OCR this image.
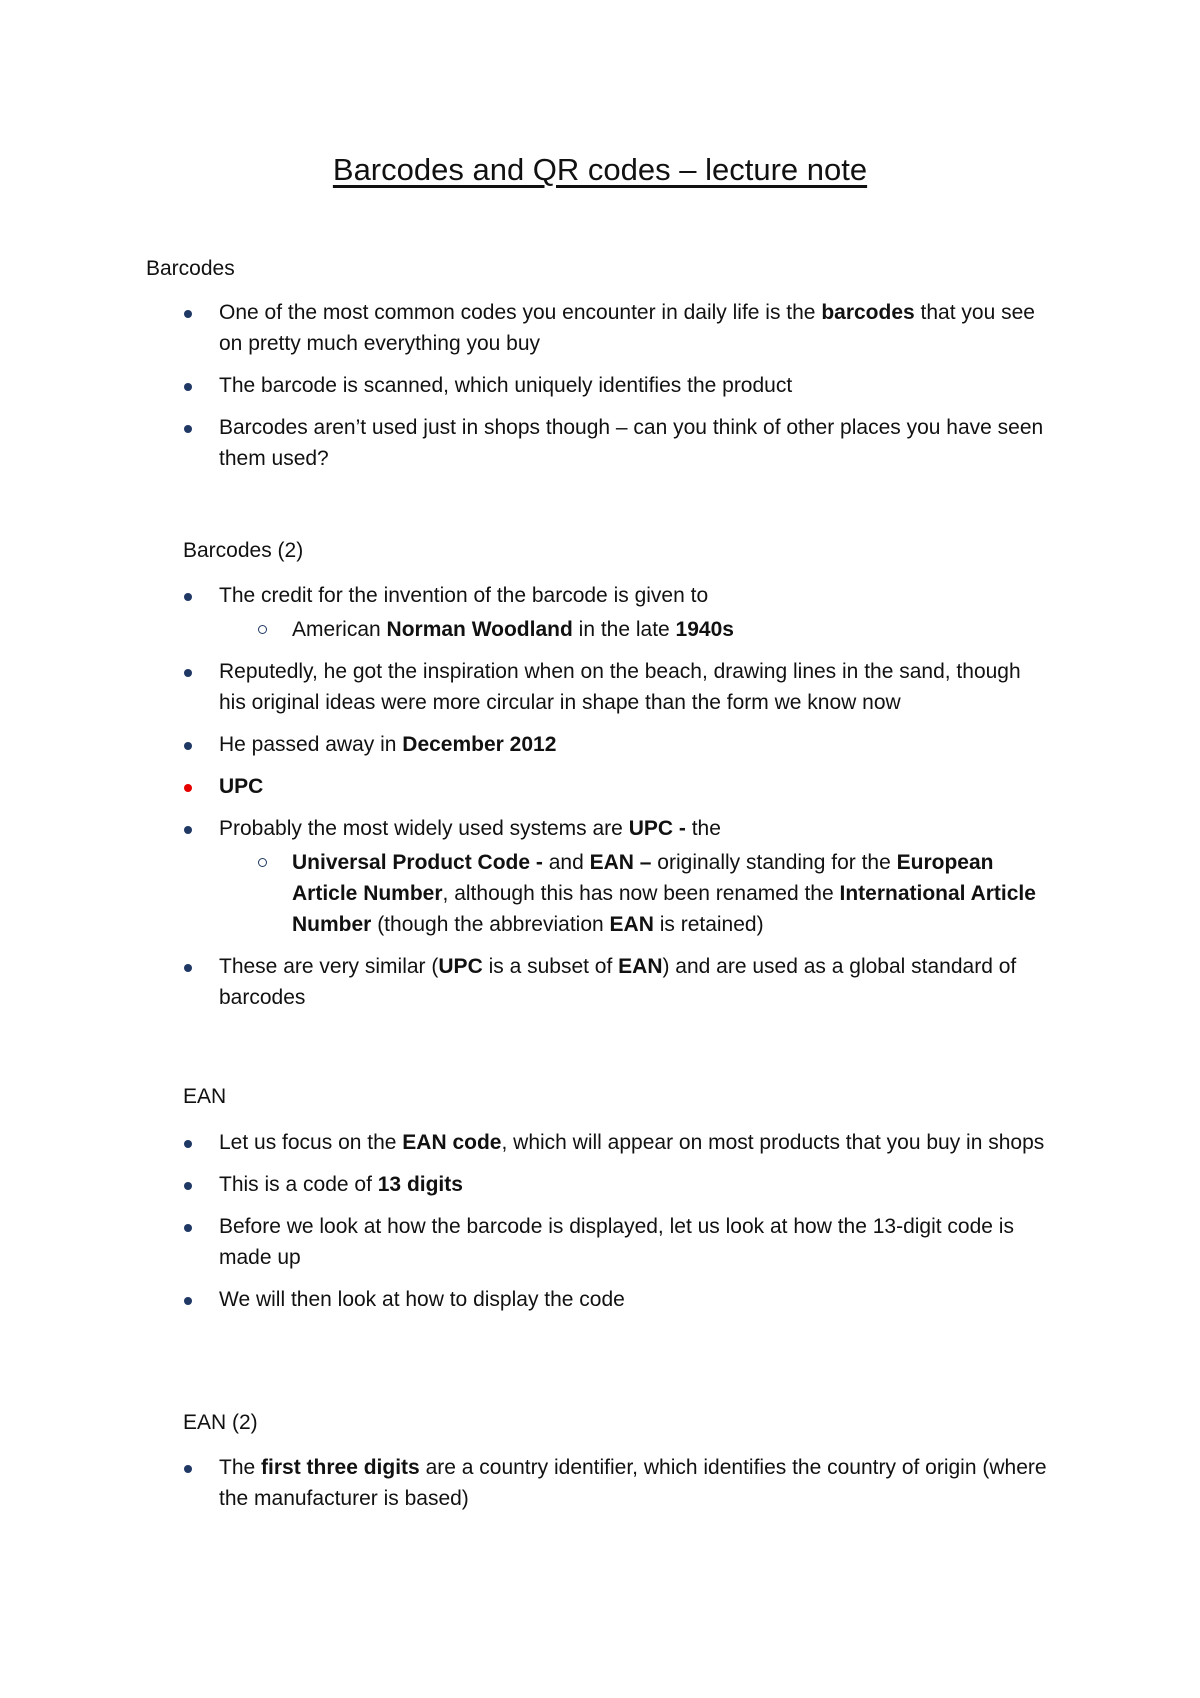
Barcodes and QR codes – lecture note
Barcodes
One of the most common codes you encounter in daily life is the barcodes that you see on pretty much everything you buy
The barcode is scanned, which uniquely identifies the product
Barcodes aren’t used just in shops though – can you think of other places you have seen them used?
Barcodes (2)
The credit for the invention of the barcode is given to
American Norman Woodland in the late 1940s
Reputedly, he got the inspiration when on the beach, drawing lines in the sand, though his original ideas were more circular in shape than the form we know now
He passed away in December 2012
UPC
Probably the most widely used systems are UPC - the
Universal Product Code - and EAN – originally standing for the European Article Number, although this has now been renamed the International Article Number (though the abbreviation EAN is retained)
These are very similar (UPC is a subset of EAN) and are used as a global standard of barcodes
EAN
Let us focus on the EAN code, which will appear on most products that you buy in shops
This is a code of 13 digits
Before we look at how the barcode is displayed, let us look at how the 13-digit code is made up
We will then look at how to display the code
EAN (2)
The first three digits are a country identifier, which identifies the country of origin (where the manufacturer is based)
